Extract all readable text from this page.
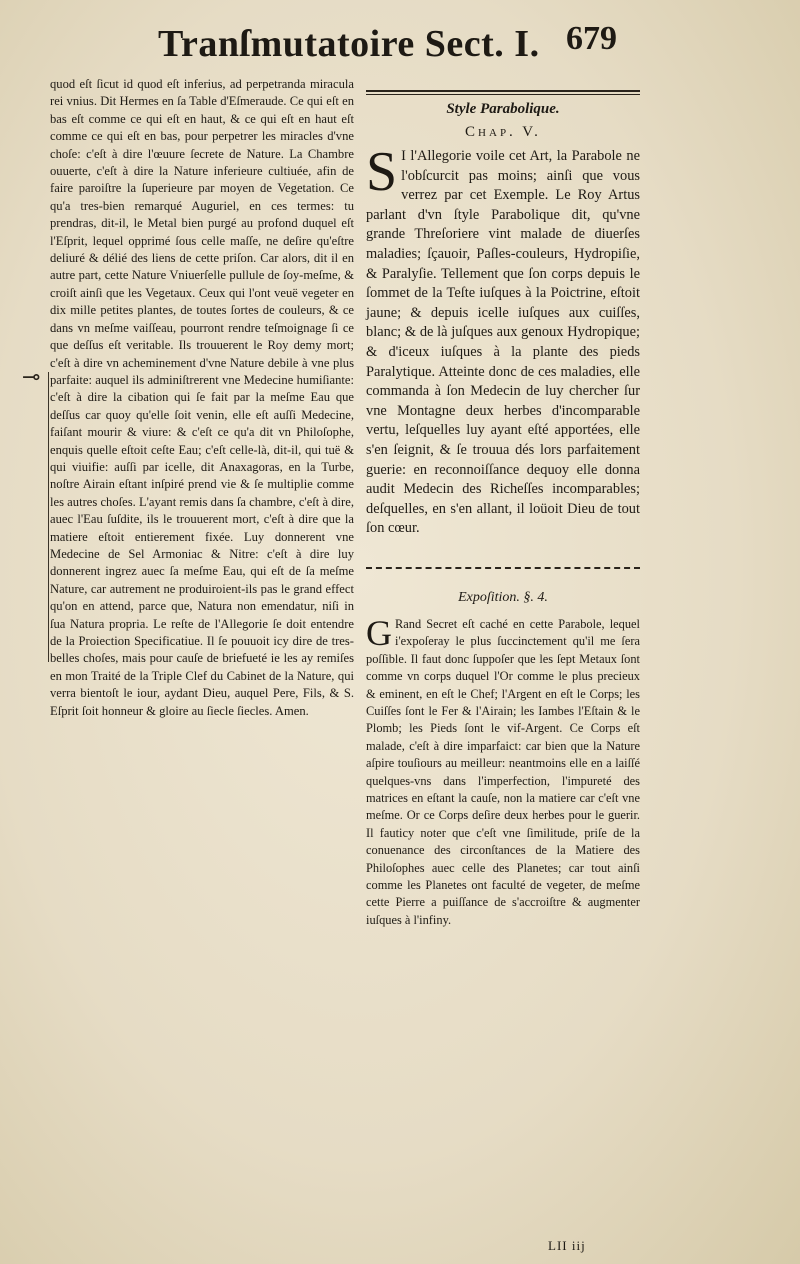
Tranſmutatoire Sect. I. 679
⊸

quod eſt ſicut id quod eſt inferius, ad perpetranda miracula rei vnius. Dit Hermes en ſa Table d'Eſmeraude. Ce qui eſt en bas eſt comme ce qui eſt en haut, & ce qui eſt en haut eſt comme ce qui eſt en bas, pour perpetrer les miracles d'vne choſe: c'eſt à dire l'œuure ſecrete de Nature. La Chambre ouuerte, c'eſt à dire la Nature inferieure cultiuée, afin de faire paroiſtre la ſuperieure par moyen de Vegetation. Ce qu'a tres-bien remarqué Auguriel, en ces termes: tu prendras, dit-il, le Metal bien purgé au profond duquel eſt l'Eſprit, lequel opprimé ſous celle maſſe, ne deſire qu'eſtre deliuré & délié des liens de cette priſon. Car alors, dit il en autre part, cette Nature Vniuerſelle pullule de ſoy-meſme, & croiſt ainſi que les Vegetaux. Ceux qui l'ont veuë vegeter en dix mille petites plantes, de toutes ſortes de couleurs, & ce dans vn meſme vaiſſeau, pourront rendre teſmoignage ſi ce que deſſus eſt veritable. Ils trouuerent le Roy demy mort; c'eſt à dire vn acheminement d'vne Nature debile à vne plus parfaite: auquel ils adminiſtrerent vne Medecine humiſiante: c'eſt à dire la cibation qui ſe fait par la meſme Eau que deſſus car quoy qu'elle ſoit venin, elle eſt auſſi Medecine, faiſant mourir & viure: & c'eſt ce qu'a dit vn Philoſophe, enquis quelle eſtoit ceſte Eau; c'eſt celle-là, dit-il, qui tuë & qui viuifie: auſſi par icelle, dit Anaxagoras, en la Turbe, noſtre Airain eſtant inſpiré prend vie & ſe multiplie comme les autres choſes. L'ayant remis dans ſa chambre, c'eſt à dire, auec l'Eau ſuſdite, ils le trouuerent mort, c'eſt à dire que la matiere eſtoit entierement fixée. Luy donnerent vne Medecine de Sel Armoniac & Nitre: c'eſt à dire luy donnerent ingrez auec ſa meſme Eau, qui eſt de ſa meſme Nature, car autrement ne produiroient-ils pas le grand effect qu'on en attend, parce que, Natura non emendatur, niſi in ſua Natura propria. Le reſte de l'Allegorie ſe doit entendre de la Proiection Specificatiue. Il ſe pouuoit icy dire de tres-belles choſes, mais pour cauſe de briefueté ie les ay remiſes en mon Traité de la Triple Clef du Cabinet de la Nature, qui verra bientoſt le iour, aydant Dieu, auquel Pere, Fils, & S. Eſprit ſoit honneur & gloire au ſiecle ſiecles. Amen.

Style Parabolique.
Chap. V.
S I l'Allegorie voile cet Art, la Parabole ne l'obſcurcit pas moins; ainſi que vous verrez par cet Exemple. Le Roy Artus parlant d'vn ſtyle Parabolique dit, qu'vne grande Threſoriere vint malade de diuerſes maladies; ſçauoir, Paſles-couleurs, Hydropiſie, & Paralyſie. Tellement que ſon corps depuis le ſommet de la Teſte iuſques à la Poictrine, eſtoit jaune; & depuis icelle iuſques aux cuiſſes, blanc; & de là juſques aux genoux Hydropique; & d'iceux iuſques à la plante des pieds Paralytique. Atteinte donc de ces maladies, elle commanda à ſon Medecin de luy chercher ſur vne Montagne deux herbes d'incomparable vertu, leſquelles luy ayant eſté apportées, elle s'en ſeignit, & ſe trouua dés lors parfaitement guerie: en reconnoiſſance dequoy elle donna audit Medecin des Richeſſes incomparables; deſquelles, en s'en allant, il loüoit Dieu de tout ſon cœur.
Expoſition. §. 4.
G Rand Secret eſt caché en cette Parabole, lequel i'expoſeray le plus ſuccinctement qu'il me ſera poſſible. Il faut donc ſuppoſer que les ſept Metaux ſont comme vn corps duquel l'Or comme le plus precieux & eminent, en eſt le Chef; l'Argent en eſt le Corps; les Cuiſſes ſont le Fer & l'Airain; les Iambes l'Eſtain & le Plomb; les Pieds ſont le vif-Argent. Ce Corps eſt malade, c'eſt à dire imparfaict: car bien que la Nature aſpire touſiours au meilleur: neantmoins elle en a laiſſé quelques-vns dans l'imperfection, l'impureté des matrices en eſtant la cauſe, non la matiere car c'eſt vne meſme. Or ce Corps deſire deux herbes pour le guerir. Il fauticy noter que c'eſt vne ſimilitude, priſe de la conuenance des circonſtances de la Matiere des Philoſophes auec celle des Planetes; car tout ainſi comme les Planetes ont faculté de vegeter, de meſme cette Pierre a puiſſance de s'accroiſtre & augmenter iuſques à l'infiny.
LII iij
